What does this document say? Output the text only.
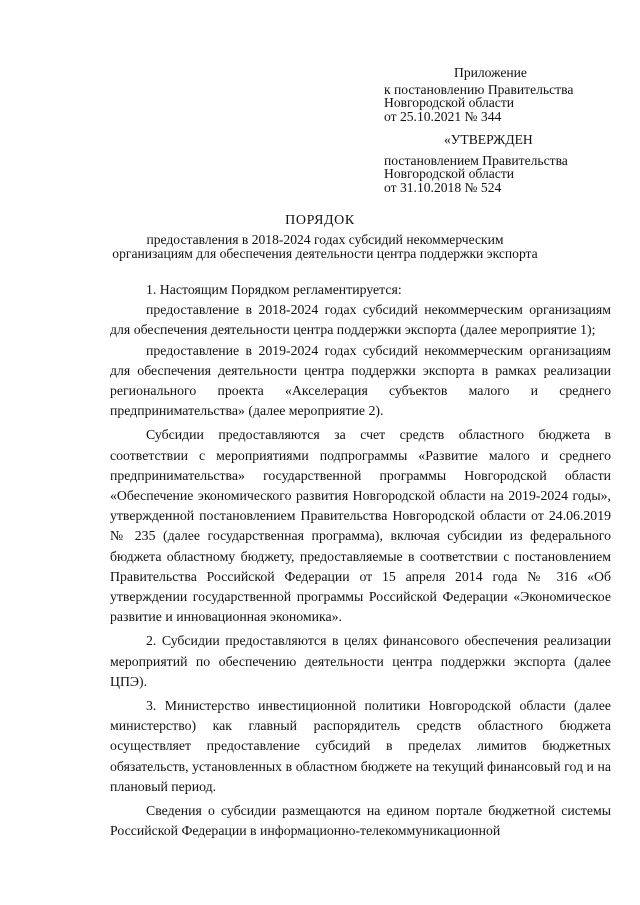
Приложение
к постановлению Правительства
Новгородской области
от 25.10.2021 № 344
«УТВЕРЖДЕН
постановлением Правительства
Новгородской области
от 31.10.2018 № 524
ПОРЯДОК
предоставления в 2018-2024 годах субсидий некоммерческим организациям для обеспечения деятельности центра поддержки экспорта

1. Настоящим Порядком регламентируется:

предоставление в 2018-2024 годах субсидий некоммерческим организациям для обеспечения деятельности центра поддержки экспорта (далее мероприятие 1);

предоставление в 2019-2024 годах субсидий некоммерческим организациям для обеспечения деятельности центра поддержки экспорта в рамках реализации регионального проекта «Акселерация субъектов малого и среднего предпринимательства» (далее мероприятие 2).

Субсидии предоставляются за счет средств областного бюджета в соответствии с мероприятиями подпрограммы «Развитие малого и среднего предпринимательства» государственной программы Новгородской области «Обеспечение экономического развития Новгородской области на 2019-2024 годы», утвержденной постановлением Правительства Новгородской области от 24.06.2019 № 235 (далее государственная программа), включая субсидии из федерального бюджета областному бюджету, предоставляемые в соответствии с постановлением Правительства Российской Федерации от 15 апреля 2014 года № 316 «Об утверждении государственной программы Российской Федерации «Экономическое развитие и инновационная экономика».

2. Субсидии предоставляются в целях финансового обеспечения реализации мероприятий по обеспечению деятельности центра поддержки экспорта (далее ЦПЭ).

3. Министерство инвестиционной политики Новгородской области (далее министерство) как главный распорядитель средств областного бюджета осуществляет предоставление субсидий в пределах лимитов бюджетных обязательств, установленных в областном бюджете на текущий финансовый год и на плановый период.

Сведения о субсидии размещаются на едином портале бюджетной системы Российской Федерации в информационно-телекоммуникационной
